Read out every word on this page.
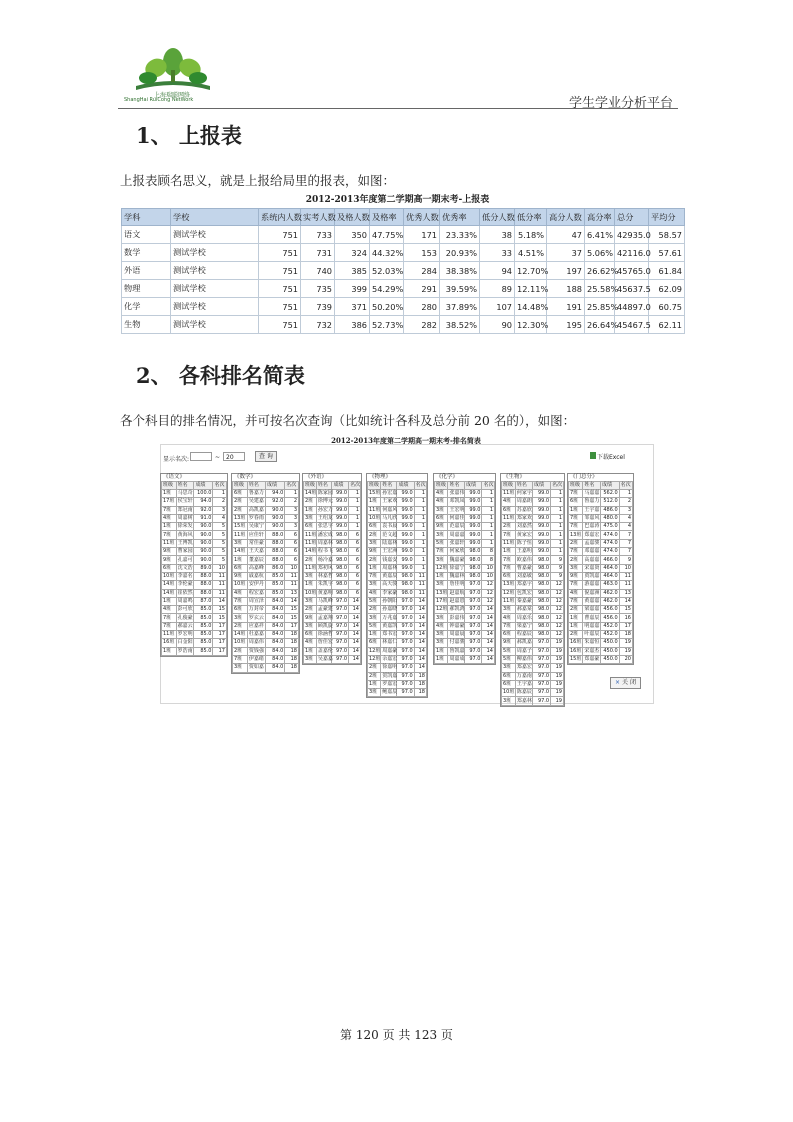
上海瑞聪网络
ShangHai RuiCong NetWork	学生学业分析平台
1、 上报表
上报表顾名思义，就是上报给局里的报表，如图：
2012-2013年度第二学期高一期末考-上报表
学科	学校	系统内人数	实考人数	及格人数	及格率	优秀人数	优秀率	低分人数	低分率	高分人数	高分率	总分	平均分
语文	测试学校	751	733	350	47.75%	171	23.33%	38	5.18%	47	6.41%	42935.0	58.57
数学	测试学校	751	731	324	44.32%	153	20.93%	33	4.51%	37	5.06%	42116.0	57.61
外语	测试学校	751	740	385	52.03%	284	38.38%	94	12.70%	197	26.62%	45765.0	61.84
物理	测试学校	751	735	399	54.29%	291	39.59%	89	12.11%	188	25.58%	45637.5	62.09
化学	测试学校	751	739	371	50.20%	280	37.89%	107	14.48%	191	25.85%	44897.0	60.75
生物	测试学校	751	732	386	52.73%	282	38.52%	90	12.30%	195	26.64%	45467.5	62.11
2、 各科排名简表
各个科目的排名情况，并可按名次查询（比如统计各科及总分前 20 名的），如图：
2012-2013年度第二学期高一期末考-排名简表
显示名次:	~ 20	查 询	下载Excel
《语文》
班级	姓名	成绩	名次
1班	马思奇	100.0	1
17班	侯宝轩	94.0	2
7班	郑冠南	92.0	3
4班	周嘉树	91.0	4
1班	徐荣发	90.0	5
7班	黄海风	90.0	5
11班	王博凯	90.0	5
9班	曹家园	90.0	5
9班	孔嘉可	90.0	5
6班	沈文浩	89.0	10
10班	李嘉名	88.0	11
14班	李伦豪	88.0	11
14班	崔依然	88.0	11
1班	周嘉鸣	87.0	14
4班	彭可欣	85.0	15
7班	孔俊豪	85.0	15
7班	郝嘉云	85.0	17
11班	罗宏明	85.0	17
16班	白金阳	85.0	17
1班	罗浩南	85.0	17
《数学》
班级	姓名	成绩	名次
6班	鲁嘉力	94.0	1
2班	吴建嘉	92.0	2
2班	高凯嘉	90.0	3
13班	罗春雨	90.0	3
15班	吴康宁	90.0	3
11班	应佳轩	88.0	6
3班	常佳豪	88.0	6
14班	王天嘉	88.0	6
1班	董嘉辰	88.0	6
6班	高嘉峰	86.0	10
9班	戚嘉杭	85.0	11
10班	安伊丹	85.0	11
4班	程宏嘉	85.0	13
7班	周宣泽	84.0	14
6班	万封帝	84.0	15
3班	罗玄云	84.0	15
2班	应嘉祥	84.0	17
14班	杜嘉嘉	84.0	18
10班	周嘉伟	84.0	18
2班	贾钱强	84.0	18
7班	伊嘉绪	84.0	18
3班	贾如嘉	84.0	18
《外语》
班级	姓名	成绩	名次
14班	陈家园	99.0	1
2班	徐博元	99.0	1
1班	孙宏力	99.0	1
3班	王绍龙	99.0	1
6班	张思宇	99.0	1
11班	潘宏成	98.0	6
11班	周嘉林	98.0	6
14班	程书飞	98.0	6
2班	杨冷嘉	98.0	6
11班	郑初风	98.0	6
3班	林嘉哲	98.0	6
1班	朱凯宇	98.0	6
10班	黄嘉明	98.0	6
3班	马凯峰	97.0	14
2班	孟豪建	97.0	14
9班	孟嘉翔	97.0	14
3班	顾凯旋	97.0	14
6班	徐涵哲	97.0	14
4班	詹佳宏	97.0	14
1班	盖嘉伦	97.0	14
3班	吴嘉嘉	97.0	14
《物理》
班级	姓名	成绩	名次
15班	孙宏嘉	99.0	1
1班	王家欢	99.0	1
11班	何嘉风	99.0	1
10班	马凡欣	99.0	1
6班	袁书晨	99.0	1
2班	范文超	99.0	1
3班	陆嘉林	99.0	1
9班	王宏洲	99.0	1
2班	钱嘉安	99.0	1
1班	周嘉林	99.0	1
7班	黄嘉辰	98.0	11
3班	高天骏	98.0	11
4班	李家豪	98.0	11
5班	孙朝阳	97.0	14
2班	孙嘉晓	97.0	14
3班	万兆嘉	97.0	14
5班	黄嘉凯	97.0	14
1班	郑书宏	97.0	14
6班	林嘉仁	97.0	14
12班	周嘉豪	97.0	14
12班	余嘉宏	97.0	14
2班	徐嘉明	97.0	14
2班	贺凯嘉	97.0	18
1班	罗嘉宏	97.0	18
3班	鲍嘉辰	97.0	18
《化学》
班级	姓名	成绩	名次
4班	张嘉伟	99.0	1
4班	邓凯凤	99.0	1
3班	王宏明	99.0	1
6班	何嘉佳	99.0	1
9班	范嘉辰	99.0	1
3班	周嘉嘉	99.0	1
5班	张嘉轩	99.0	1
7班	何家欣	98.0	8
3班	魏嘉豪	98.0	8
12班	徐嘉宁	98.0	10
1班	魏嘉林	98.0	10
3班	詹佳明	97.0	12
13班	赵嘉航	97.0	12
17班	赵嘉恩	97.0	12
12班	郝凯鸿	97.0	14
3班	彭嘉伟	97.0	14
4班	钟嘉豪	97.0	14
3班	周嘉晨	97.0	14
3班	付嘉骏	97.0	14
1班	鲁凯嘉	97.0	14
1班	周嘉成	97.0	14
《生物》
班级	姓名	成绩	名次
11班	何家宇	99.0	1
4班	周嘉朗	99.0	1
6班	苏嘉欣	99.0	1
11班	郑家欢	99.0	1
2班	刘嘉然	99.0	1
7班	黄家宏	99.0	1
11班	陈子恒	99.0	1
1班	王嘉明	99.0	1
7班	欧嘉伟	98.0	9
7班	曹嘉豪	98.0	9
6班	刘嘉敏	98.0	9
13班	郑嘉宇	98.0	12
12班	包凯宏	98.0	12
11班	秦嘉豪	98.0	12
3班	郝嘉棠	98.0	12
4班	周嘉乐	98.0	12
7班	梁嘉宁	98.0	12
6班	程嘉辰	98.0	12
9班	郝凯嘉	97.0	19
5班	周嘉子	97.0	19
5班	柳嘉伟	97.0	19
3班	郑嘉宏	97.0	19
6班	万嘉南	97.0	19
6班	王宇嘉	97.0	19
10班	陈嘉辰	97.0	19
3班	郑嘉林	97.0	19
《门总分》
班级	姓名	成绩	名次
7班	马嘉嘉	562.0	1
6班	鲁嘉力	512.0	2
1班	王宇嘉	486.0	3
7班	邹嘉风	480.0	4
7班	巴嘉涛	475.0	4
13班	郑嘉宏	474.0	7
2班	孟嘉骏	474.0	7
7班	邓嘉嘉	474.0	7
2班	高嘉嘉	466.0	9
3班	宋嘉贤	464.0	10
9班	贾凯嘉	464.0	11
7班	游嘉嘉	463.0	11
4班	倪嘉洲	462.0	13
7班	黄嘉嘉	462.0	14
2班	梁嘉嘉	456.0	15
1班	曹嘉辰	456.0	16
1班	明嘉嘉	452.0	17
2班	叶嘉辰	452.0	18
16班	朱嘉恒	450.0	19
16班	宋嘉杰	450.0	19
15班	郑嘉豪	450.0	20
× 关 闭
第 120 页 共 123 页
